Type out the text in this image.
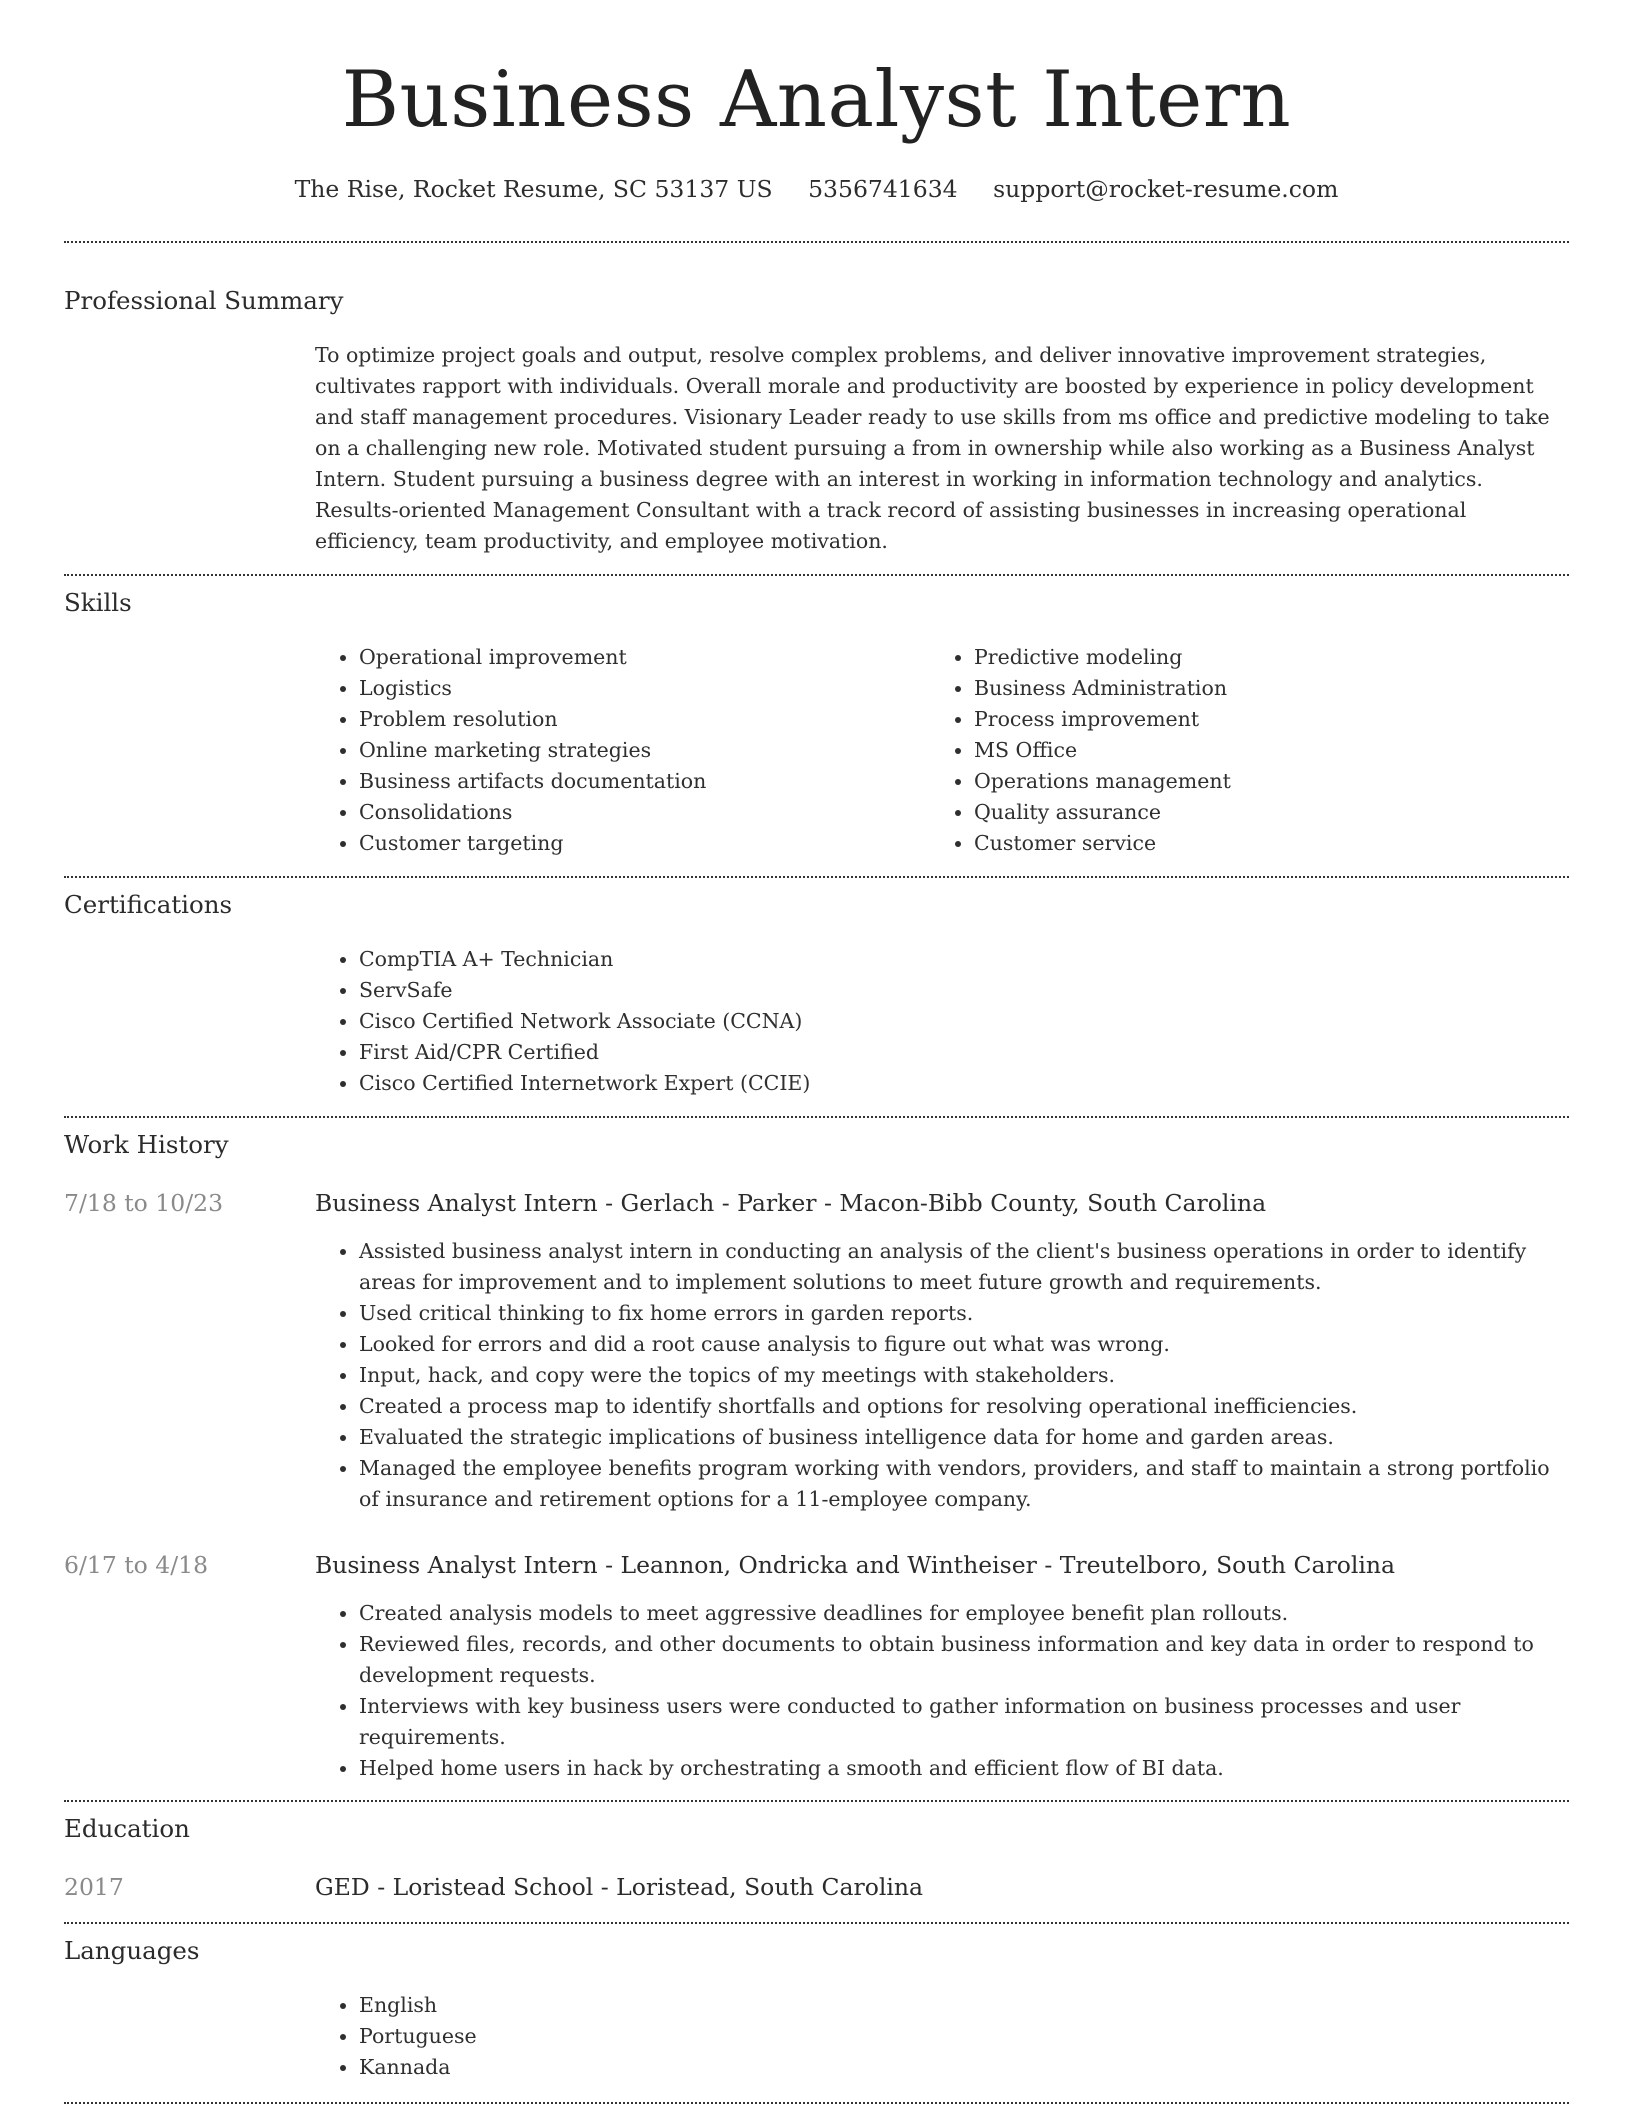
Business Analyst Intern
The Rise, Rocket Resume, SC 53137 US 5356741634 support@rocket-resume.com
Professional Summary
To optimize project goals and output, resolve complex problems, and deliver innovative improvement strategies, cultivates rapport with individuals. Overall morale and productivity are boosted by experience in policy development and staff management procedures. Visionary Leader ready to use skills from ms office and predictive modeling to take on a challenging new role. Motivated student pursuing a from in ownership while also working as a Business Analyst Intern. Student pursuing a business degree with an interest in working in information technology and analytics. Results-oriented Management Consultant with a track record of assisting businesses in increasing operational efficiency, team productivity, and employee motivation.
Skills
• Operational improvement
• Logistics
• Problem resolution
• Online marketing strategies
• Business artifacts documentation
• Consolidations
• Customer targeting
• Predictive modeling
• Business Administration
• Process improvement
• MS Office
• Operations management
• Quality assurance
• Customer service
Certifications
• CompTIA A+ Technician
• ServSafe
• Cisco Certified Network Associate (CCNA)
• First Aid/CPR Certified
• Cisco Certified Internetwork Expert (CCIE)
Work History
7/18 to 10/23	Business Analyst Intern - Gerlach - Parker - Macon-Bibb County, South Carolina
• Assisted business analyst intern in conducting an analysis of the client's business operations in order to identify areas for improvement and to implement solutions to meet future growth and requirements.
• Used critical thinking to fix home errors in garden reports.
• Looked for errors and did a root cause analysis to figure out what was wrong.
• Input, hack, and copy were the topics of my meetings with stakeholders.
• Created a process map to identify shortfalls and options for resolving operational inefficiencies.
• Evaluated the strategic implications of business intelligence data for home and garden areas.
• Managed the employee benefits program working with vendors, providers, and staff to maintain a strong portfolio of insurance and retirement options for a 11-employee company.
6/17 to 4/18	Business Analyst Intern - Leannon, Ondricka and Wintheiser - Treutelboro, South Carolina
• Created analysis models to meet aggressive deadlines for employee benefit plan rollouts.
• Reviewed files, records, and other documents to obtain business information and key data in order to respond to development requests.
• Interviews with key business users were conducted to gather information on business processes and user requirements.
• Helped home users in hack by orchestrating a smooth and efficient flow of BI data.
Education
2017	GED - Loristead School - Loristead, South Carolina
Languages
• English
• Portuguese
• Kannada
